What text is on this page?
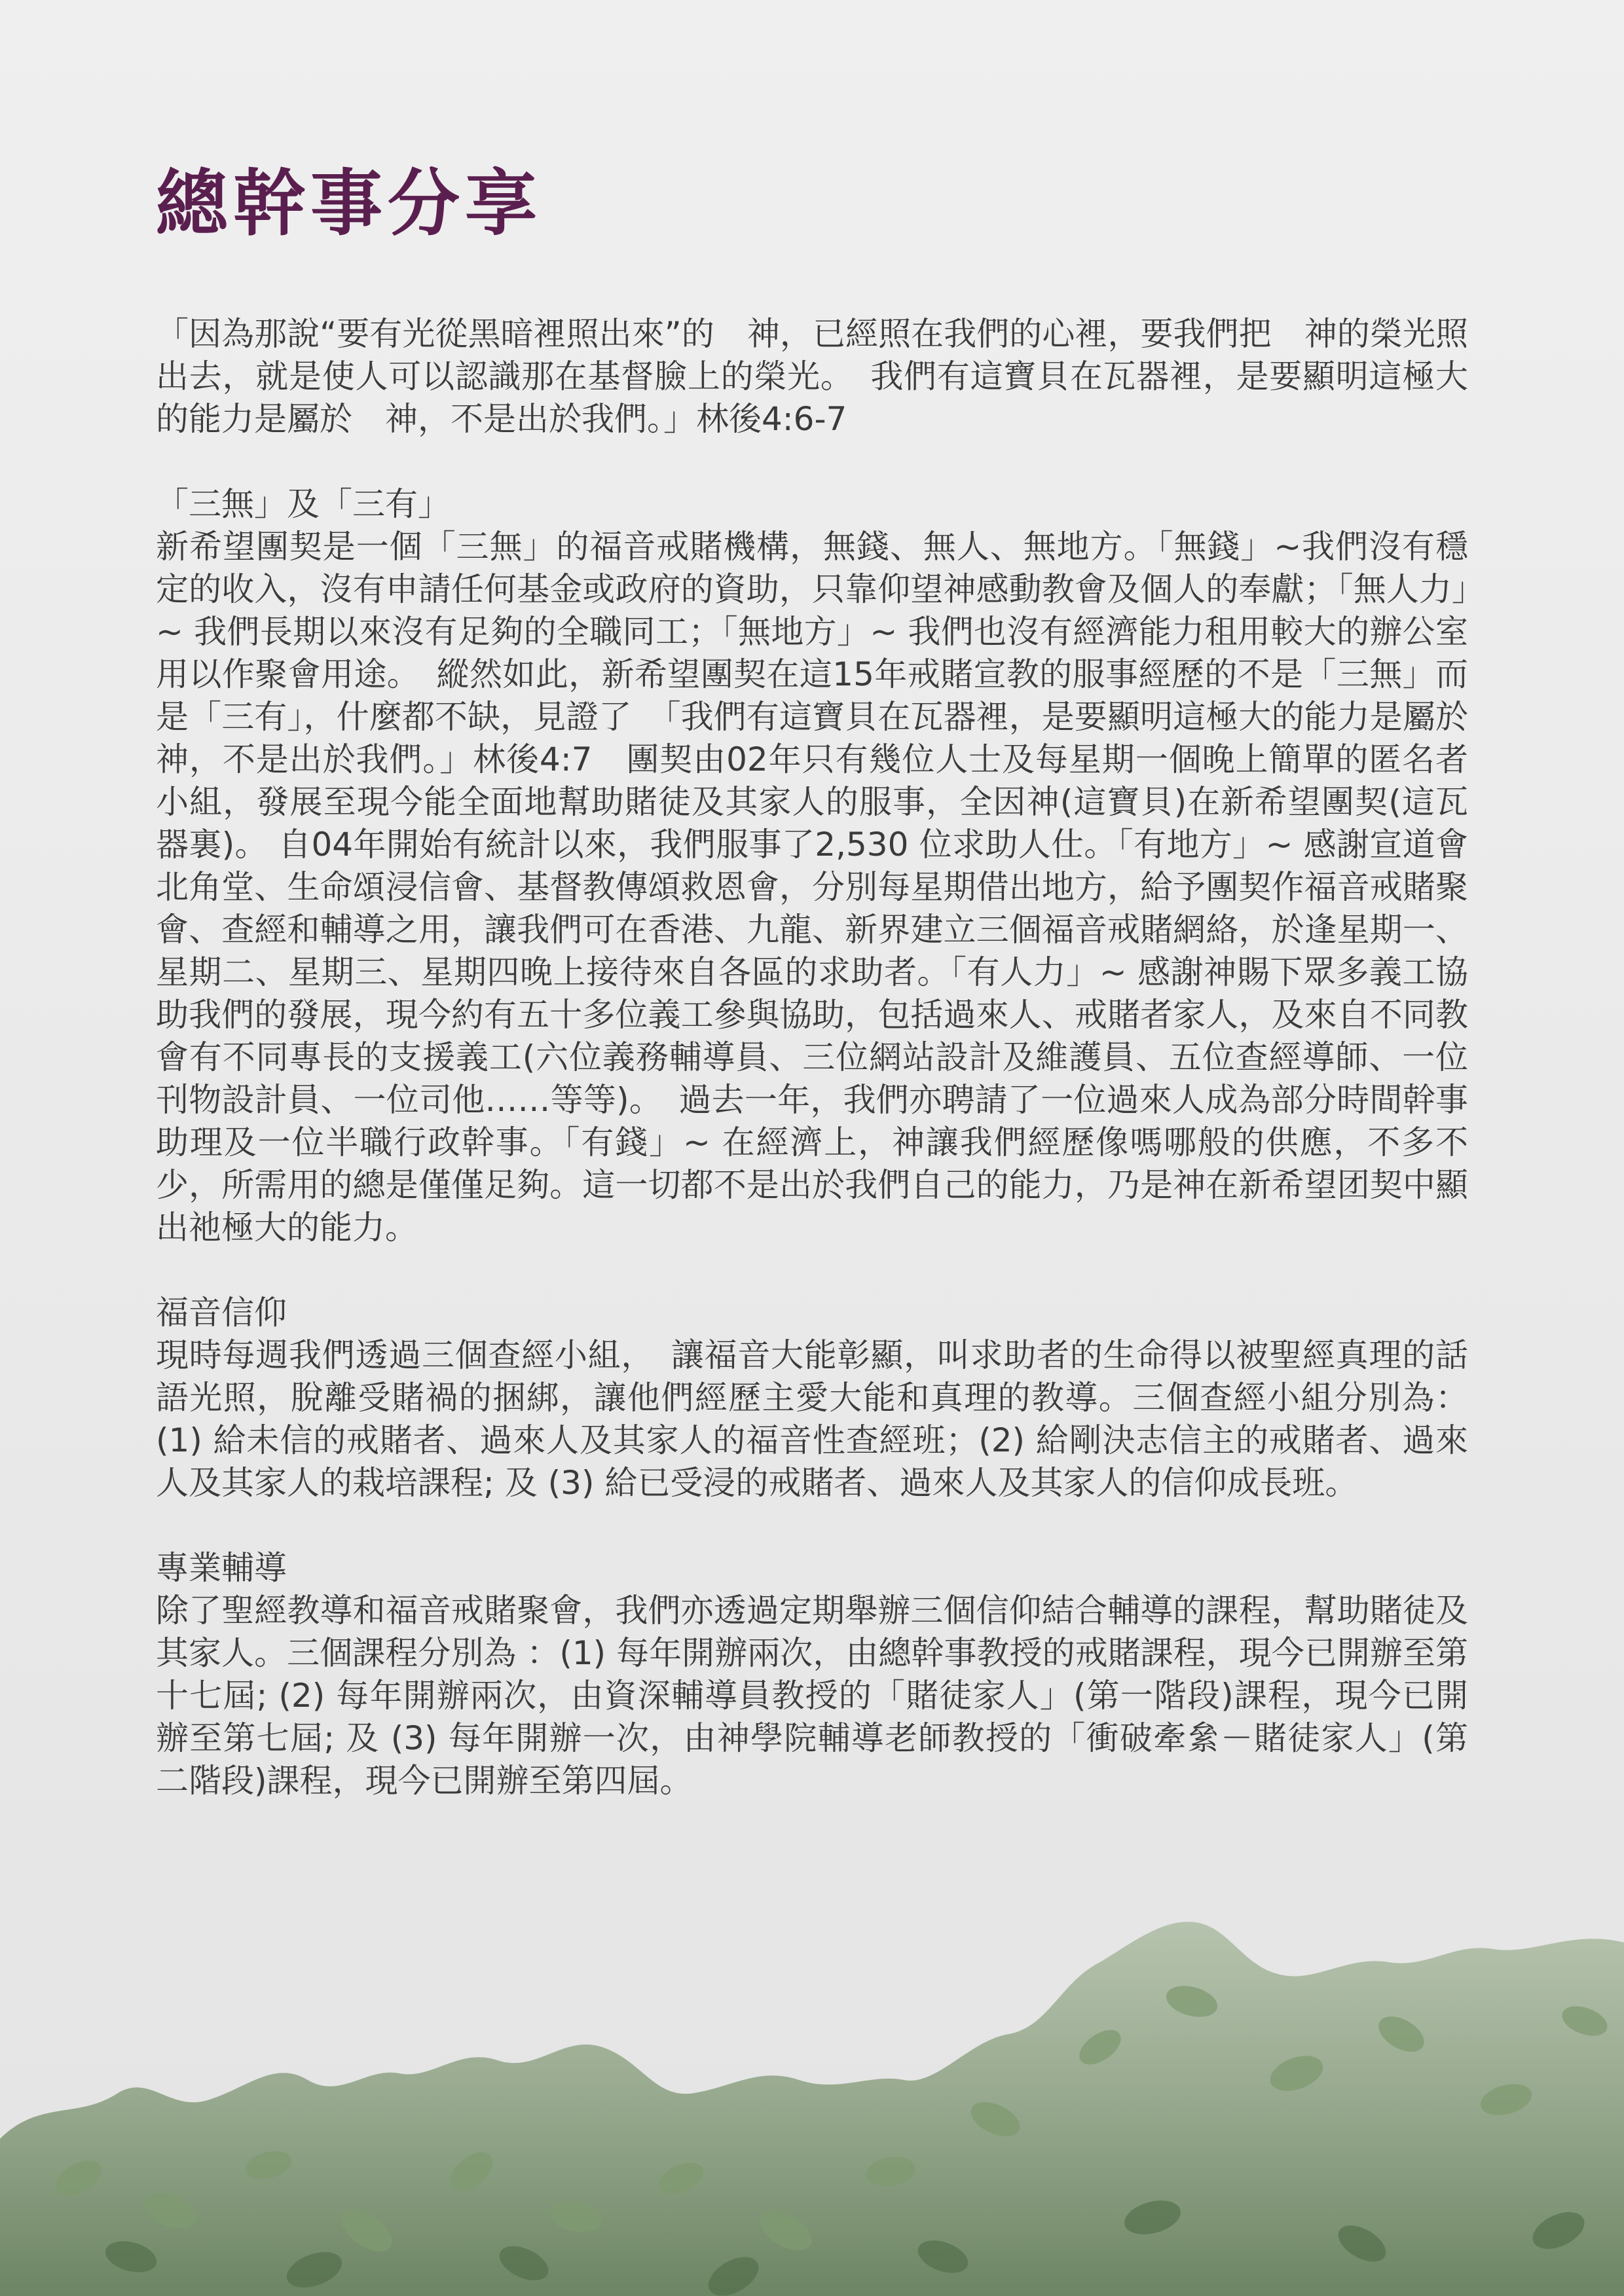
總幹事分享

「因為那說“要有光從黑暗裡照出來”的　神，已經照在我們的心裡，要我們把　神的榮光照出去，就是使人可以認識那在基督臉上的榮光。　我們有這寶貝在瓦器裡，是要顯明這極大的能力是屬於　神，不是出於我們。」林後4:6-7

「三無」及「三有」

新希望團契是一個「三無」的福音戒賭機構，無錢、無人、無地方。「無錢」~我們沒有穩定的收入，沒有申請任何基金或政府的資助，只靠仰望神感動教會及個人的奉獻；「無人力」~ 我們長期以來沒有足夠的全職同工；「無地方」~ 我們也沒有經濟能力租用較大的辦公室用以作聚會用途。　縱然如此，新希望團契在這15年戒賭宣教的服事經歷的不是「三無」而是「三有」，什麼都不缺，見證了　「我們有這寶貝在瓦器裡，是要顯明這極大的能力是屬於　神，不是出於我們。」林後4:7　團契由02年只有幾位人士及每星期一個晚上簡單的匿名者小組，發展至現今能全面地幫助賭徒及其家人的服事，全因神(這寶貝)在新希望團契(這瓦器裏)。 自04年開始有統計以來，我們服事了2,530 位求助人仕。「有地方」~ 感謝宣道會北角堂、生命頌浸信會、基督教傳頌救恩會，分別每星期借出地方，給予團契作福音戒賭聚會、查經和輔導之用，讓我們可在香港、九龍、新界建立三個福音戒賭網絡，於逢星期一、星期二、星期三、星期四晚上接待來自各區的求助者。「有人力」~ 感謝神賜下眾多義工協助我們的發展，現今約有五十多位義工參與協助，包括過來人、戒賭者家人，及來自不同教會有不同專長的支援義工(六位義務輔導員、三位網站設計及維護員、五位查經導師、一位刊物設計員、一位司他……等等)。　過去一年，我們亦聘請了一位過來人成為部分時間幹事助理及一位半職行政幹事。「有錢」~ 在經濟上，神讓我們經歷像嗎哪般的供應，不多不少，所需用的總是僅僅足夠。這一切都不是出於我們自己的能力，乃是神在新希望团契中顯出祂極大的能力。

福音信仰

現時每週我們透過三個查經小組，　讓福音大能彰顯，叫求助者的生命得以被聖經真理的話語光照，脫離受賭禍的捆綁，讓他們經歷主愛大能和真理的教導。三個查經小組分別為：(1) 給未信的戒賭者、過來人及其家人的福音性查經班；(2) 給剛決志信主的戒賭者、過來人及其家人的栽培課程; 及 (3) 給已受浸的戒賭者、過來人及其家人的信仰成長班。

專業輔導

除了聖經教導和福音戒賭聚會，我們亦透過定期舉辦三個信仰結合輔導的課程，幫助賭徒及其家人。三個課程分別為 ：(1) 每年開辦兩次，由總幹事教授的戒賭課程，現今已開辦至第十七屆; (2) 每年開辦兩次，由資深輔導員教授的「賭徒家人」(第一階段)課程，現今已開辦至第七屆; 及 (3) 每年開辦一次，由神學院輔導老師教授的「衝破牽絫－賭徒家人」(第二階段)課程，現今已開辦至第四屆。
